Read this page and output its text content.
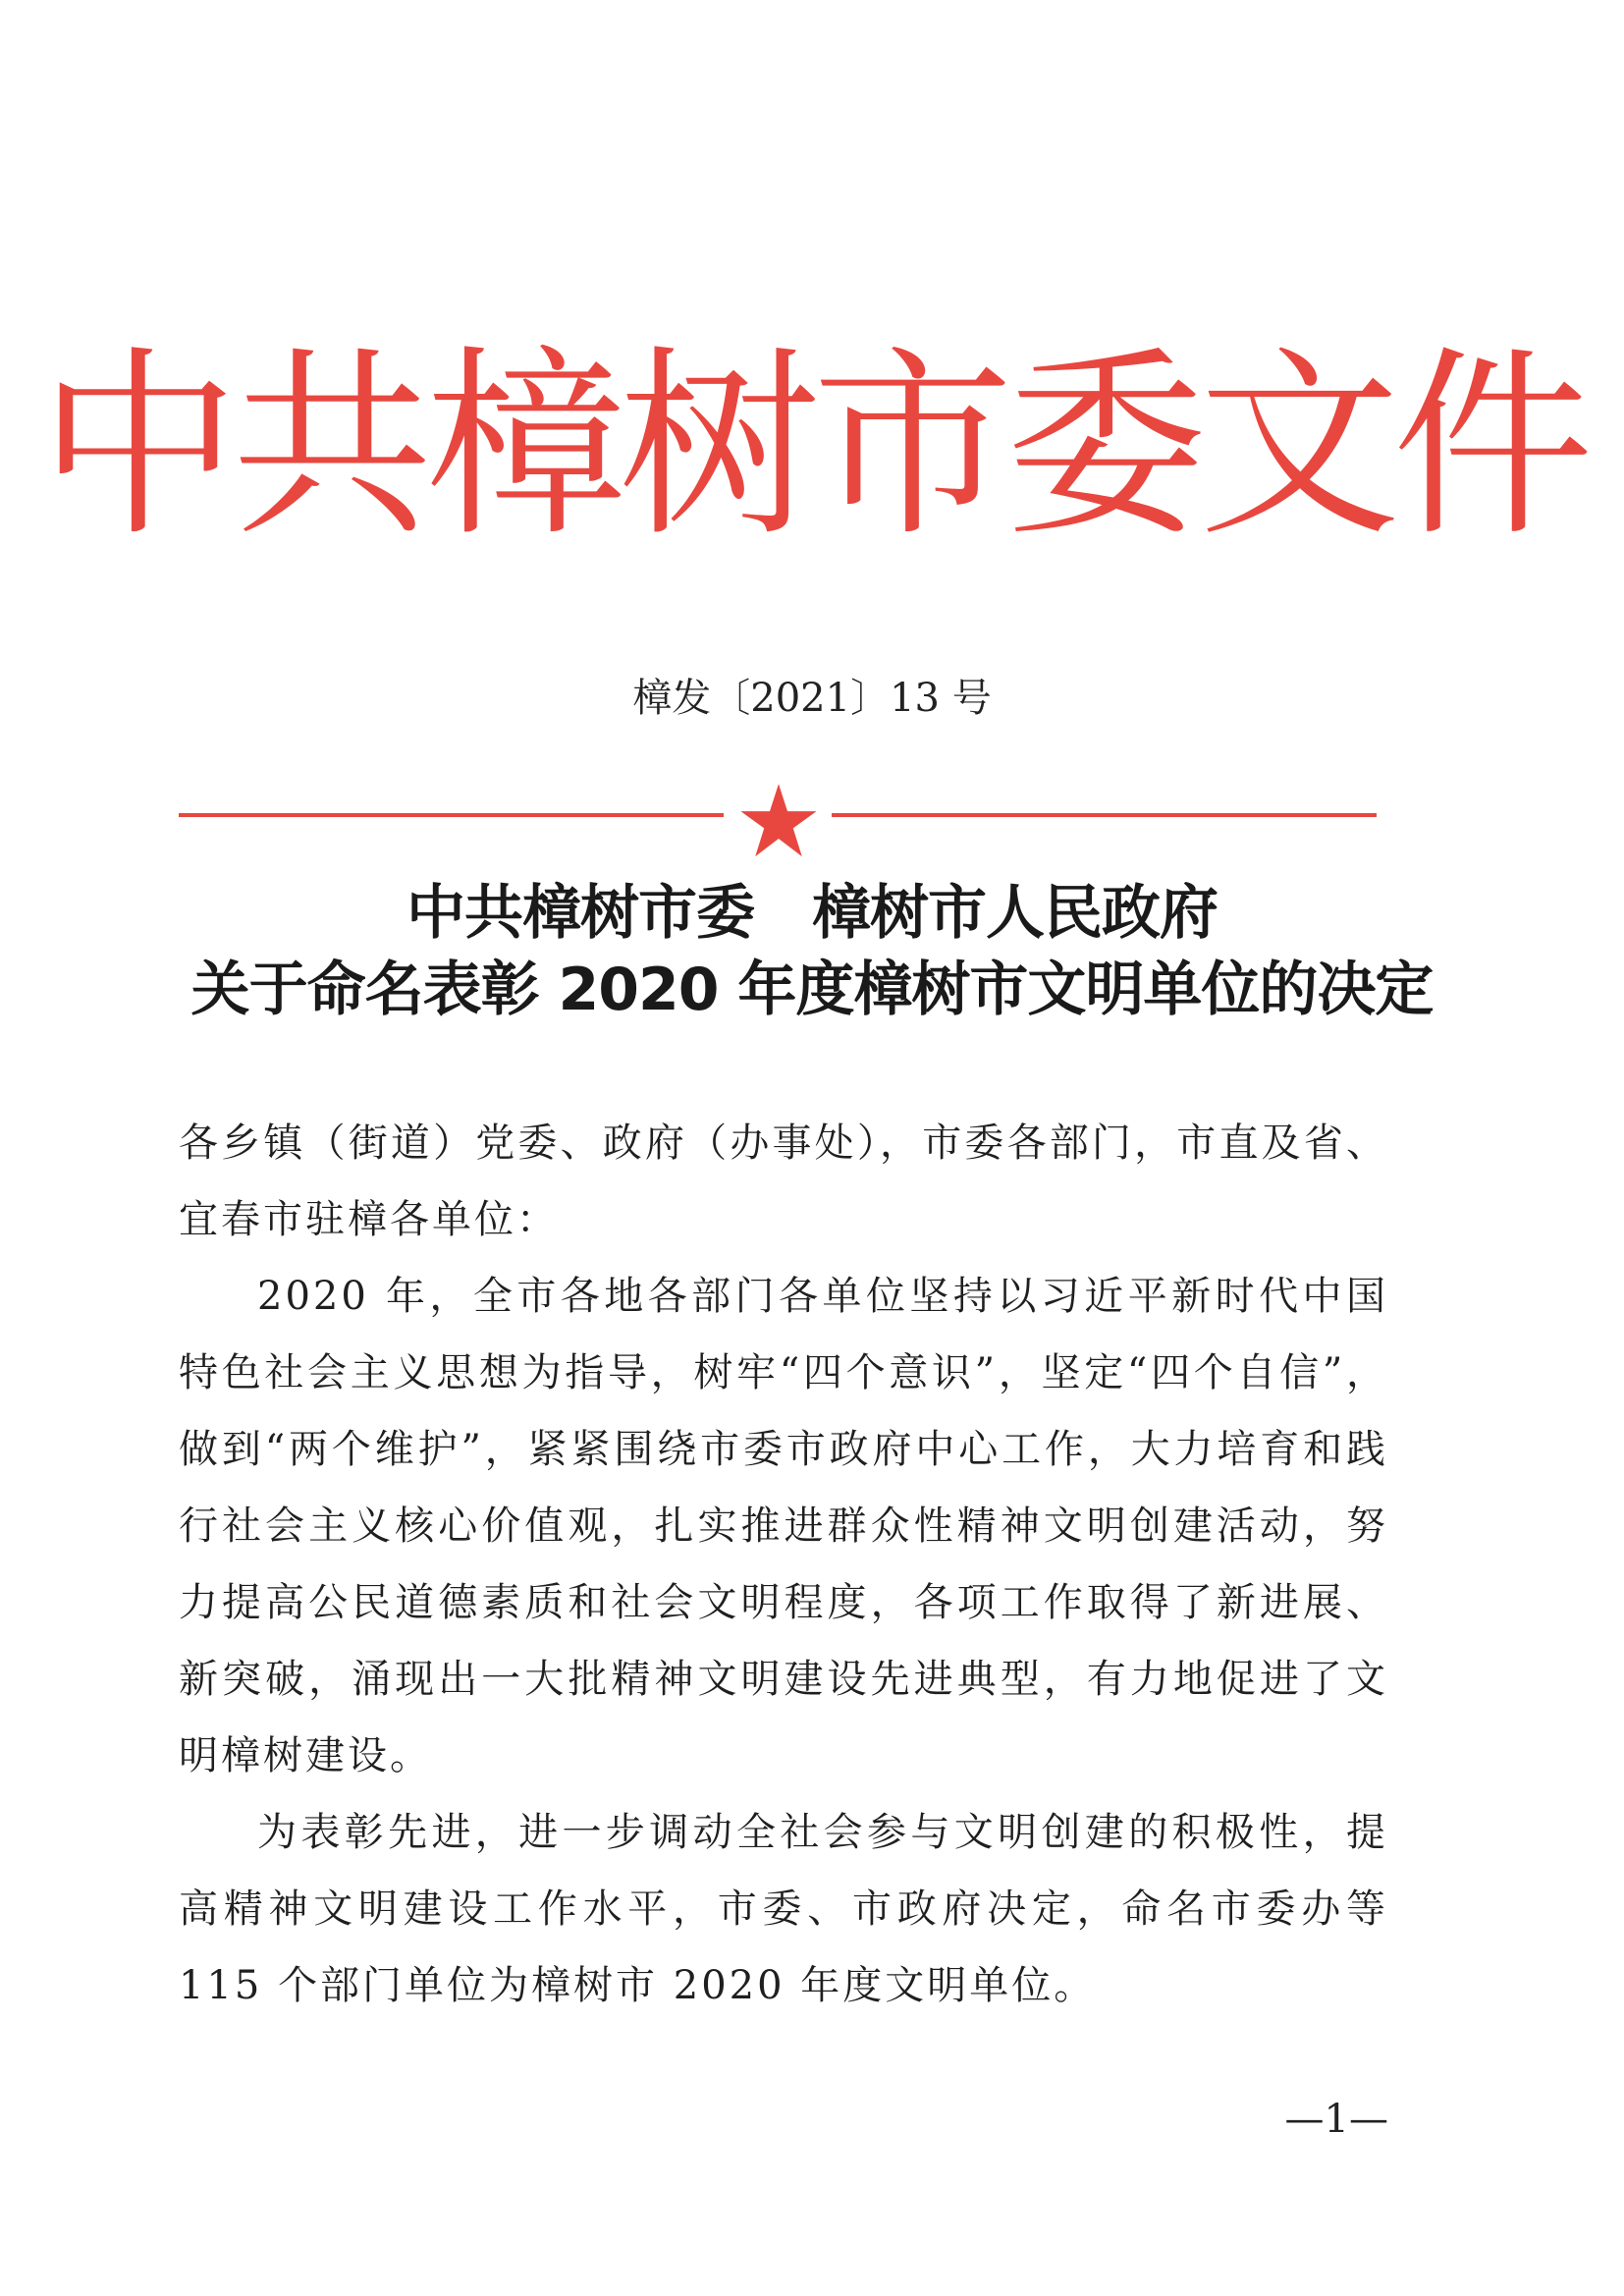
中共樟树市委文件
樟发〔2021〕13 号
中共樟树市委　樟树市人民政府
关于命名表彰 2020 年度樟树市文明单位的决定

各乡镇（街道）党委、政府（办事处），市委各部门，市直及省、宜春市驻樟各单位：

2020 年，全市各地各部门各单位坚持以习近平新时代中国特色社会主义思想为指导，树牢“四个意识”，坚定“四个自信”，做到“两个维护”，紧紧围绕市委市政府中心工作，大力培育和践行社会主义核心价值观，扎实推进群众性精神文明创建活动，努力提高公民道德素质和社会文明程度，各项工作取得了新进展、新突破，涌现出一大批精神文明建设先进典型，有力地促进了文明樟树建设。

为表彰先进，进一步调动全社会参与文明创建的积极性，提高精神文明建设工作水平，市委、市政府决定，命名市委办等 115 个部门单位为樟树市 2020 年度文明单位。

—1—
